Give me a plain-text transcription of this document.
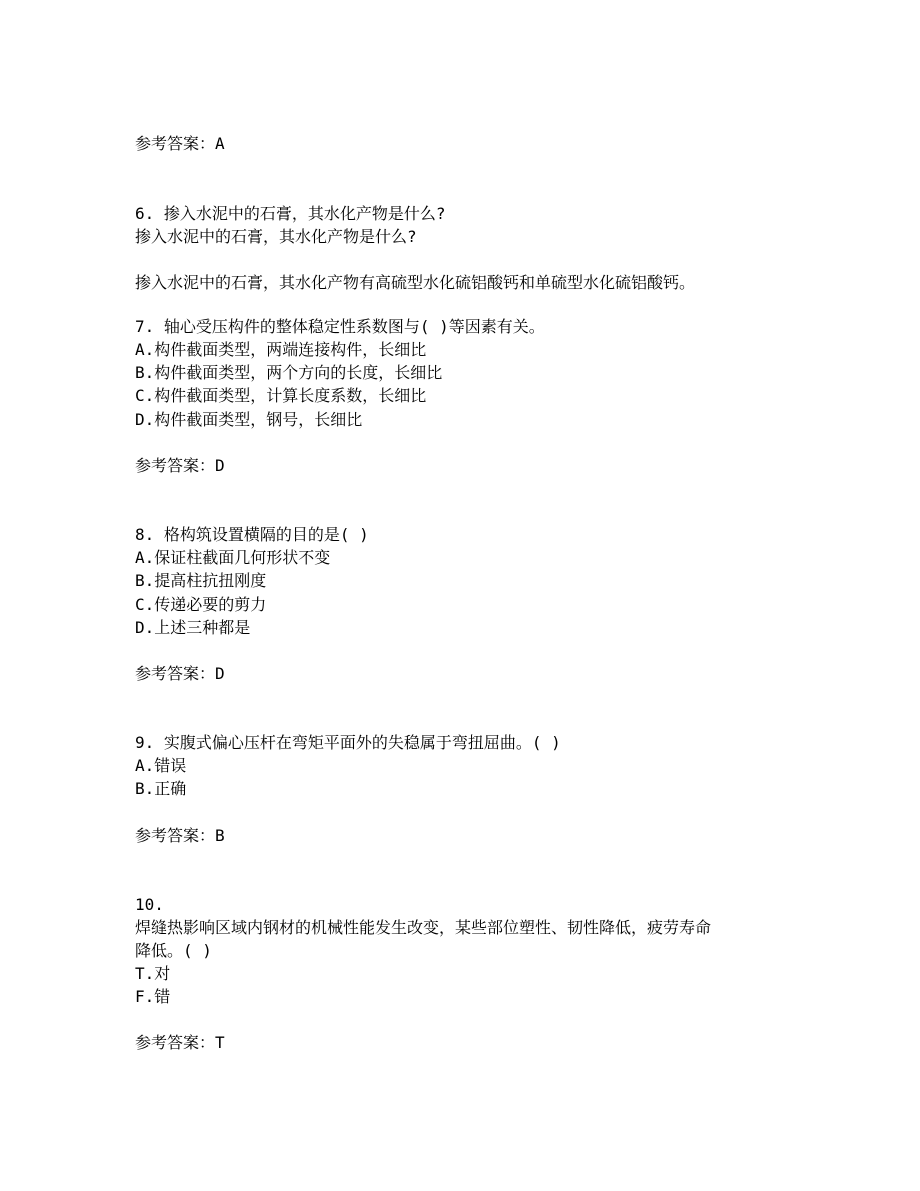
参考答案：A
6. 掺入水泥中的石膏，其水化产物是什么?
掺入水泥中的石膏，其水化产物是什么?
掺入水泥中的石膏，其水化产物有高硫型水化硫铝酸钙和单硫型水化硫铝酸钙。
7. 轴心受压构件的整体稳定性系数图与( )等因素有关。
A.构件截面类型，两端连接构件，长细比
B.构件截面类型，两个方向的长度，长细比
C.构件截面类型，计算长度系数，长细比
D.构件截面类型，钢号，长细比
参考答案：D
8. 格构筑设置横隔的目的是( )
A.保证柱截面几何形状不变
B.提高柱抗扭刚度
C.传递必要的剪力
D.上述三种都是
参考答案：D
9. 实腹式偏心压杆在弯矩平面外的失稳属于弯扭屈曲。( )
A.错误
B.正确
参考答案：B
10.
焊缝热影响区域内钢材的机械性能发生改变，某些部位塑性、韧性降低，疲劳寿命
降低。( )
T.对
F.错
参考答案：T
